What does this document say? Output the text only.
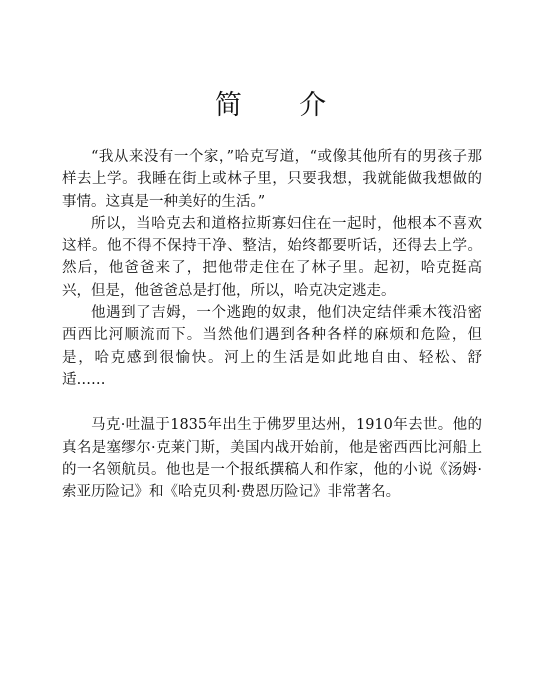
简 介

“我从来没有一个家，”哈克写道，“或像其他所有的男孩子那样去上学。我睡在街上或林子里，只要我想，我就能做我想做的事情。这真是一种美好的生活。”

所以，当哈克去和道格拉斯寡妇住在一起时，他根本不喜欢这样。他不得不保持干净、整洁，始终都要听话，还得去上学。然后，他爸爸来了，把他带走住在了林子里。起初，哈克挺高兴，但是，他爸爸总是打他，所以，哈克决定逃走。

他遇到了吉姆，一个逃跑的奴隶，他们决定结伴乘木筏沿密西西比河顺流而下。当然他们遇到各种各样的麻烦和危险，但是，哈克感到很愉快。河上的生活是如此地自由、轻松、舒适……

马克·吐温于1835年出生于佛罗里达州，1910年去世。他的真名是塞缪尔·克莱门斯，美国内战开始前，他是密西西比河船上的一名领航员。他也是一个报纸撰稿人和作家，他的小说《汤姆·索亚历险记》和《哈克贝利·费恩历险记》非常著名。
